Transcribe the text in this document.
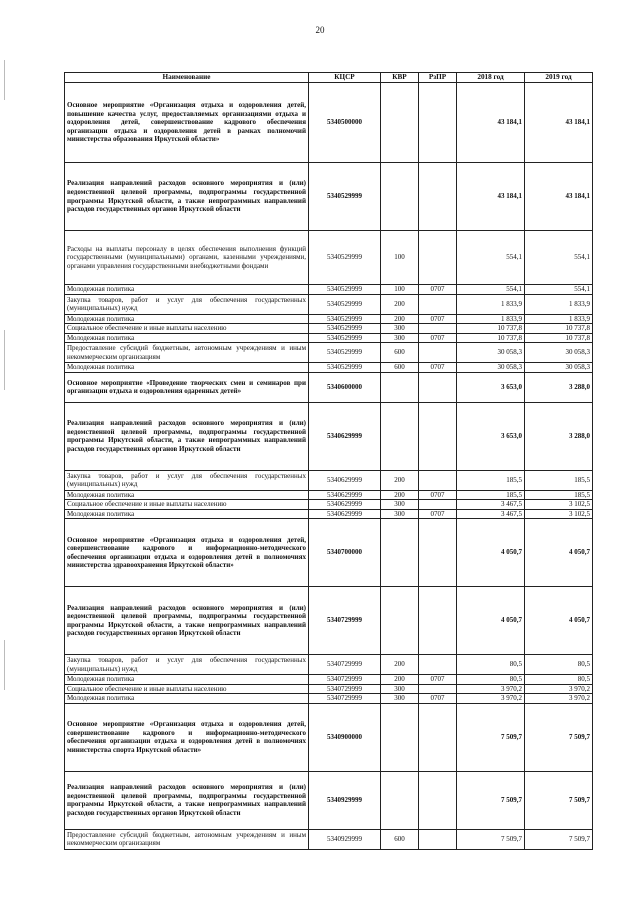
20
Наименование	КЦСР	КВР	РзПР	2018 год	2019 год
Основное мероприятие «Организация отдыха и оздоровления детей, повышение качества услуг, предоставляемых организациями отдыха и оздоровления детей, совершенствование кадрового обеспечения организации отдыха и оздоровления детей в рамках полномочий министерства образования Иркутской области»	5340500000			43 184,1	43 184,1
Реализация направлений расходов основного мероприятия и (или) ведомственной целевой программы, подпрограммы государственной программы Иркутской области, а также непрограммных направлений расходов государственных органов Иркутской области	5340529999			43 184,1	43 184,1
Расходы на выплаты персоналу в целях обеспечения выполнения функций государственными (муниципальными) органами, казенными учреждениями, органами управления государственными внебюджетными фондами	5340529999	100		554,1	554,1
Молодежная политика	5340529999	100	0707	554,1	554,1
Закупка товаров, работ и услуг для обеспечения государственных (муниципальных) нужд	5340529999	200		1 833,9	1 833,9
Молодежная политика	5340529999	200	0707	1 833,9	1 833,9
Социальное обеспечение и иные выплаты населению	5340529999	300		10 737,8	10 737,8
Молодежная политика	5340529999	300	0707	10 737,8	10 737,8
Предоставление субсидий бюджетным, автономным учреждениям и иным некоммерческим организациям	5340529999	600		30 058,3	30 058,3
Молодежная политика	5340529999	600	0707	30 058,3	30 058,3
Основное мероприятие «Проведение творческих смен и семинаров при организации отдыха и оздоровления одаренных детей»	5340600000			3 653,0	3 288,0
Реализация направлений расходов основного мероприятия и (или) ведомственной целевой программы, подпрограммы государственной программы Иркутской области, а также непрограммных направлений расходов государственных органов Иркутской области	5340629999			3 653,0	3 288,0
Закупка товаров, работ и услуг для обеспечения государственных (муниципальных) нужд	5340629999	200		185,5	185,5
Молодежная политика	5340629999	200	0707	185,5	185,5
Социальное обеспечение и иные выплаты населению	5340629999	300		3 467,5	3 102,5
Молодежная политика	5340629999	300	0707	3 467,5	3 102,5
Основное мероприятие «Организация отдыха и оздоровления детей, совершенствование кадрового и информационно-методического обеспечения организации отдыха и оздоровления детей в полномочиях министерства здравоохранения Иркутской области»	5340700000			4 050,7	4 050,7
Реализация направлений расходов основного мероприятия и (или) ведомственной целевой программы, подпрограммы государственной программы Иркутской области, а также непрограммных направлений расходов государственных органов Иркутской области	5340729999			4 050,7	4 050,7
Закупка товаров, работ и услуг для обеспечения государственных (муниципальных) нужд	5340729999	200		80,5	80,5
Молодежная политика	5340729999	200	0707	80,5	80,5
Социальное обеспечение и иные выплаты населению	5340729999	300		3 970,2	3 970,2
Молодежная политика	5340729999	300	0707	3 970,2	3 970,2
Основное мероприятие «Организация отдыха и оздоровления детей, совершенствование кадрового и информационно-методического обеспечения организации отдыха и оздоровления детей в полномочиях министерства спорта Иркутской области»	5340900000			7 509,7	7 509,7
Реализация направлений расходов основного мероприятия и (или) ведомственной целевой программы, подпрограммы государственной программы Иркутской области, а также непрограммных направлений расходов государственных органов Иркутской области	5340929999			7 509,7	7 509,7
Предоставление субсидий бюджетным, автономным учреждениям и иным некоммерческим организациям	5340929999	600		7 509,7	7 509,7
